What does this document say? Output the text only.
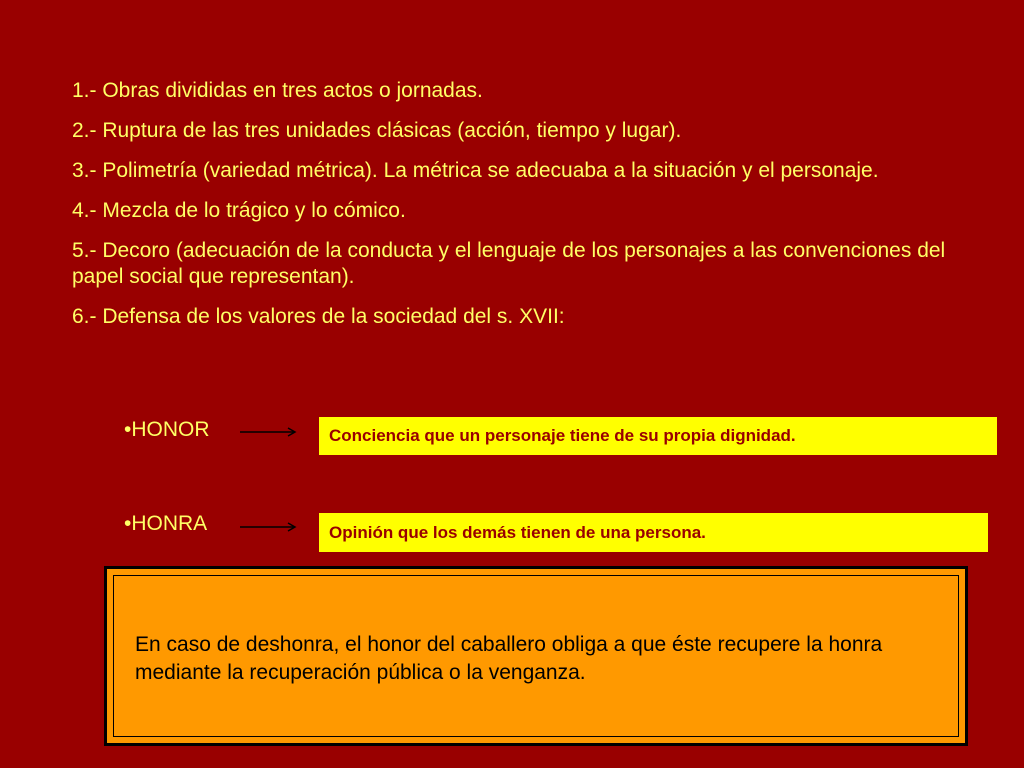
1.- Obras divididas en tres actos o jornadas.
2.- Ruptura de las tres unidades clásicas (acción, tiempo y lugar).
3.- Polimetría (variedad métrica). La métrica se adecuaba a la situación y el personaje.
4.- Mezcla de lo trágico y lo cómico.
5.- Decoro (adecuación de la conducta y el lenguaje de los personajes a las convenciones del papel social que representan).
6.- Defensa de los valores de la sociedad del s. XVII:
•HONOR	Conciencia que un personaje tiene de su propia dignidad.
•HONRA	Opinión que los demás tienen de una persona.
En caso de deshonra, el honor del caballero obliga a que éste recupere la honra mediante la recuperación pública o la venganza.
